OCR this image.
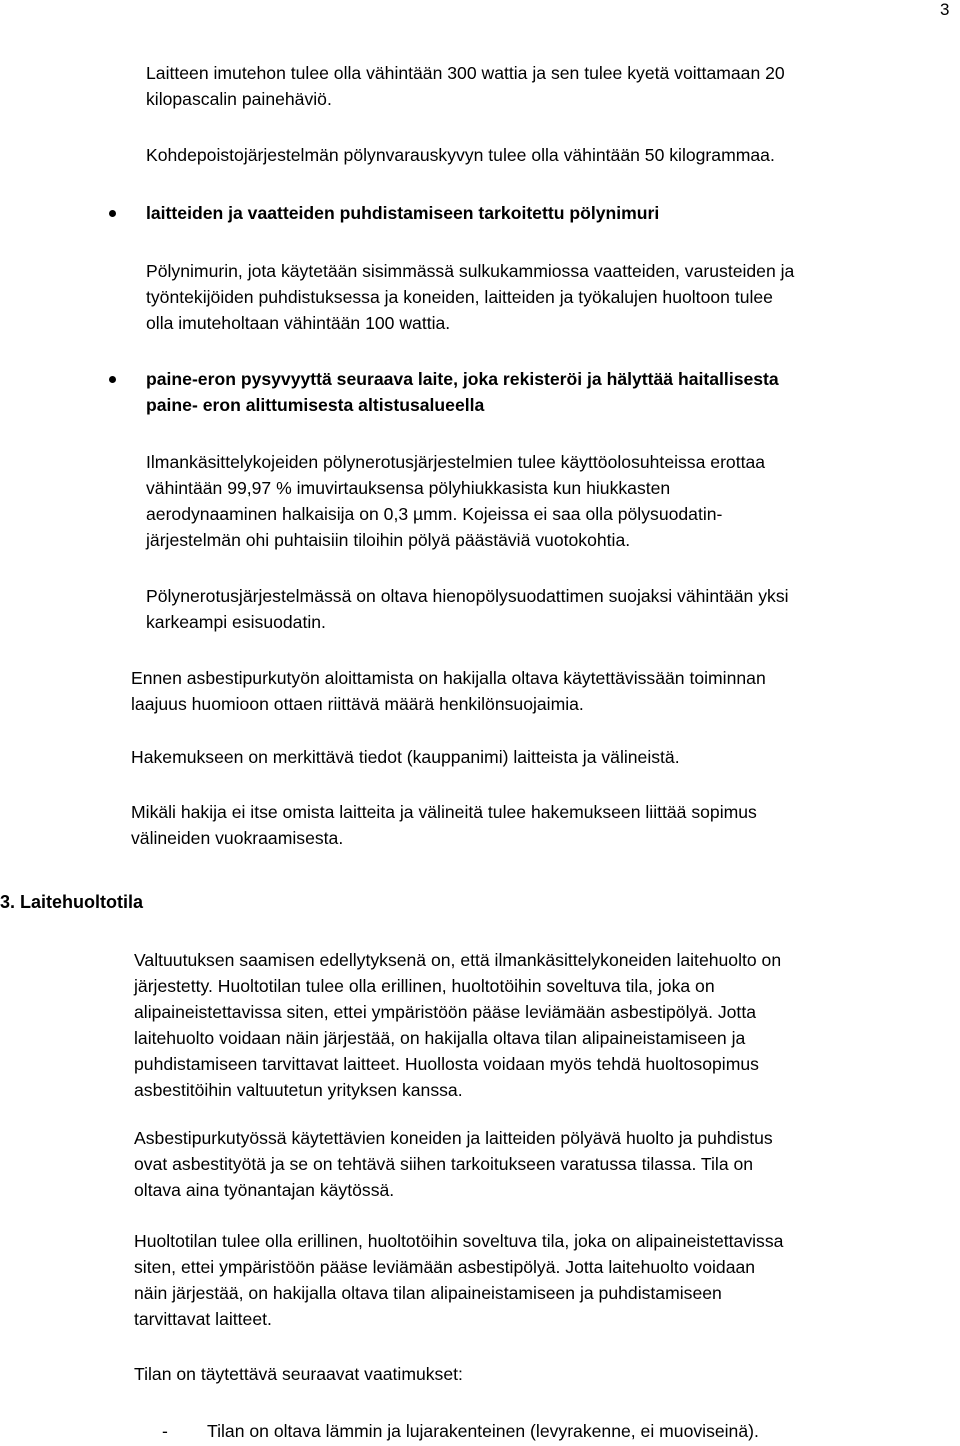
3

Laitteen imutehon tulee olla vähintään 300 wattia ja sen tulee kyetä voittamaan 20
kilopascalin painehäviö.

Kohdepoistojärjestelmän pölynvarauskyvyn tulee olla vähintään 50 kilogrammaa.

laitteiden ja vaatteiden puhdistamiseen tarkoitettu pölynimuri

Pölynimurin, jota käytetään sisimmässä sulkukammiossa vaatteiden, varusteiden ja
työntekijöiden puhdistuksessa ja koneiden, laitteiden ja työkalujen huoltoon tulee
olla imuteholtaan vähintään 100 wattia.

paine-eron pysyvyyttä seuraava laite, joka rekisteröi ja hälyttää haitallisesta
paine- eron alittumisesta altistusalueella

Ilmankäsittelykojeiden pölynerotusjärjestelmien tulee käyttöolosuhteissa erottaa
vähintään 99,97 % imuvirtauksensa pölyhiukkasista kun hiukkasten
aerodynaaminen halkaisija on 0,3 µmm. Kojeissa ei saa olla pölysuodatin-
järjestelmän ohi puhtaisiin tiloihin pölyä päästäviä vuotokohtia.

Pölynerotusjärjestelmässä on oltava hienopölysuodattimen suojaksi vähintään yksi
karkeampi esisuodatin.

Ennen asbestipurkutyön aloittamista on hakijalla oltava käytettävissään toiminnan
laajuus huomioon ottaen riittävä määrä henkilönsuojaimia.

Hakemukseen on merkittävä tiedot (kauppanimi) laitteista ja välineistä.

Mikäli hakija ei itse omista laitteita ja välineitä tulee hakemukseen liittää sopimus
välineiden vuokraamisesta.

3. Laitehuoltotila

Valtuutuksen saamisen edellytyksenä on, että ilmankäsittelykoneiden laitehuolto on
järjestetty. Huoltotilan tulee olla erillinen, huoltotöihin soveltuva tila, joka on
alipaineistettavissa siten, ettei ympäristöön pääse leviämään asbestipölyä. Jotta
laitehuolto voidaan näin järjestää, on hakijalla oltava tilan alipaineistamiseen ja
puhdistamiseen tarvittavat laitteet. Huollosta voidaan myös tehdä huoltosopimus
asbestitöihin valtuutetun yrityksen kanssa.

Asbestipurkutyössä käytettävien koneiden ja laitteiden pölyävä huolto ja puhdistus
ovat asbestityötä ja se on tehtävä siihen tarkoitukseen varatussa tilassa. Tila on
oltava aina työnantajan käytössä.

Huoltotilan tulee olla erillinen, huoltotöihin soveltuva tila, joka on alipaineistettavissa
siten, ettei ympäristöön pääse leviämään asbestipölyä. Jotta laitehuolto voidaan
näin järjestää, on hakijalla oltava tilan alipaineistamiseen ja puhdistamiseen
tarvittavat laitteet.

Tilan on täytettävä seuraavat vaatimukset:

- Tilan on oltava lämmin ja lujarakenteinen (levyrakenne, ei muoviseinä).
